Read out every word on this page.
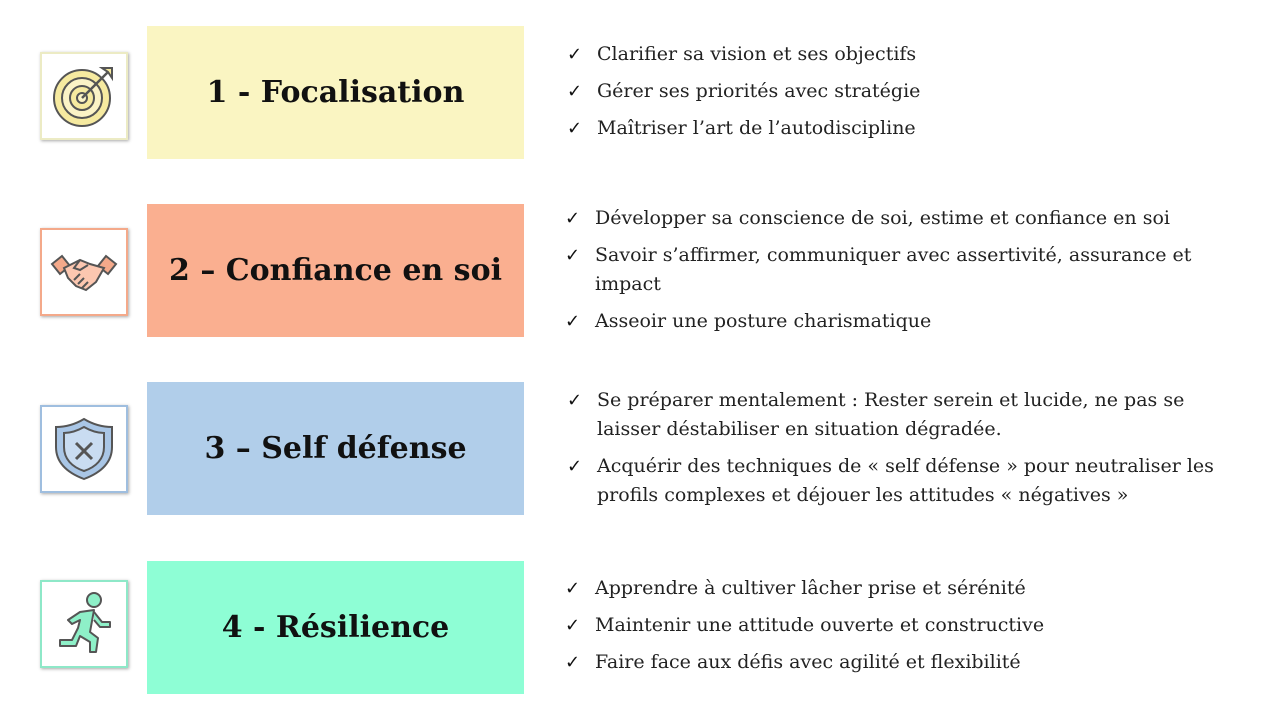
1 - Focalisation
✓ Clarifier sa vision et ses objectifs
✓ Gérer ses priorités avec stratégie
✓ Maîtriser l’art de l’autodiscipline
2 – Confiance en soi
✓ Développer sa conscience de soi, estime et confiance en soi
✓ Savoir s’affirmer, communiquer avec assertivité, assurance et impact
✓ Asseoir une posture charismatique
3 – Self défense
✓ Se préparer mentalement : Rester serein et lucide, ne pas se laisser déstabiliser en situation dégradée.
✓ Acquérir des techniques de « self défense » pour neutraliser les profils complexes et déjouer les attitudes « négatives »
4 - Résilience
✓ Apprendre à cultiver lâcher prise et sérénité
✓ Maintenir une attitude ouverte et constructive
✓ Faire face aux défis avec agilité et flexibilité
